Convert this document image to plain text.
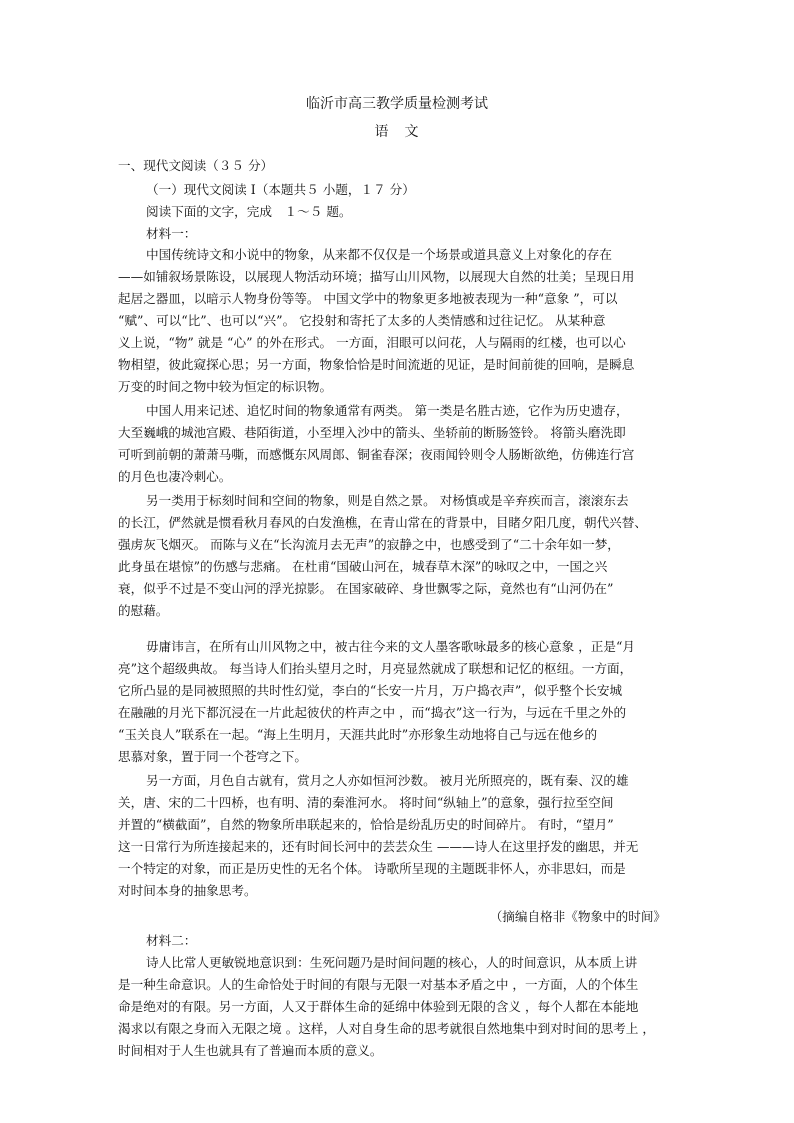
临沂市高三教学质量检测考试
语　文
一、现代文阅读（３５ 分）
（一）现代文阅读 I（本题共５ 小题，１７ 分）
阅读下面的文字，完成　１～５ 题。
材料一：
中国传统诗文和小说中的物象，从来都不仅仅是一个场景或道具意义上对象化的存在
——如铺叙场景陈设，以展现人物活动环境；描写山川风物，以展现大自然的壮美；呈现日用
起居之器皿，以暗示人物身份等等。 中国文学中的物象更多地被表现为一种“意象 ”，可以
“赋”、可以“比”、也可以“兴”。 它投射和寄托了太多的人类情感和过往记忆。 从某种意
义上说，“物” 就是 “心” 的外在形式。 一方面，泪眼可以问花，人与隔雨的红楼，也可以心
物相望，彼此窥探心思；另一方面，物象恰恰是时间流逝的见证，是时间前徙的回响，是瞬息
万变的时间之物中较为恒定的标识物。
中国人用来记述、追忆时间的物象通常有两类。 第一类是名胜古迹，它作为历史遗存，
大至巍峨的城池宫殿、巷陌街道，小至埋入沙中的箭头、坐轿前的断肠签铃。 将箭头磨洗即
可听到前朝的萧萧马嘶，而感慨东风周郎、铜雀春深；夜雨闻铃则令人肠断欲绝，仿佛连行宫
的月色也凄冷刺心。
另一类用于标刻时间和空间的物象，则是自然之景。 对杨慎或是辛弃疾而言，滚滚东去
的长江，俨然就是惯看秋月春风的白发渔樵，在青山常在的背景中，目睹夕阳几度，朝代兴替、
强虏灰飞烟灭。 而陈与义在“长沟流月去无声”的寂静之中，也感受到了“二十余年如一梦，
此身虽在堪惊”的伤感与悲痛。 在杜甫“国破山河在，城春草木深”的咏叹之中，一国之兴
衰，似乎不过是不变山河的浮光掠影。 在国家破碎、身世飘零之际，竟然也有“山河仍在”
的慰藉。
毋庸讳言，在所有山川风物之中，被古往今来的文人墨客歌咏最多的核心意象 ，正是“月
亮”这个超级典故。 每当诗人们抬头望月之时，月亮显然就成了联想和记忆的枢纽。一方面，
它所凸显的是同被照照的共时性幻觉，李白的“长安一片月，万户捣衣声”，似乎整个长安城
在融融的月光下都沉浸在一片此起彼伏的杵声之中 ，而“捣衣”这一行为，与远在千里之外的
“玉关良人”联系在一起。“海上生明月，天涯共此时”亦形象生动地将自己与远在他乡的
思慕对象，置于同一个苍穹之下。
另一方面，月色自古就有，赏月之人亦如恒河沙数。 被月光所照亮的，既有秦、汉的雄
关，唐、宋的二十四桥，也有明、清的秦淮河水。 将时间“纵轴上”的意象，强行拉至空间
并置的“横截面”，自然的物象所串联起来的，恰恰是纷乱历史的时间碎片。 有时，“望月”
这一日常行为所连接起来的，还有时间长河中的芸芸众生 ———诗人在这里抒发的幽思，并无
一个特定的对象，而正是历史性的无名个体。 诗歌所呈现的主题既非怀人，亦非思妇，而是
对时间本身的抽象思考。
（摘编自格非《物象中的时间》
材料二：
诗人比常人更敏锐地意识到：生死问题乃是时间问题的核心，人的时间意识，从本质上讲
是一种生命意识。人的生命恰处于时间的有限与无限一对基本矛盾之中 ，一方面，人的个体生
命是绝对的有限。另一方面，人又于群体生命的延绵中体验到无限的含义 ，每个人都在本能地
渴求以有限之身而入无限之境 。这样，人对自身生命的思考就很自然地集中到对时间的思考上 ，
时间相对于人生也就具有了普遍而本质的意义。
